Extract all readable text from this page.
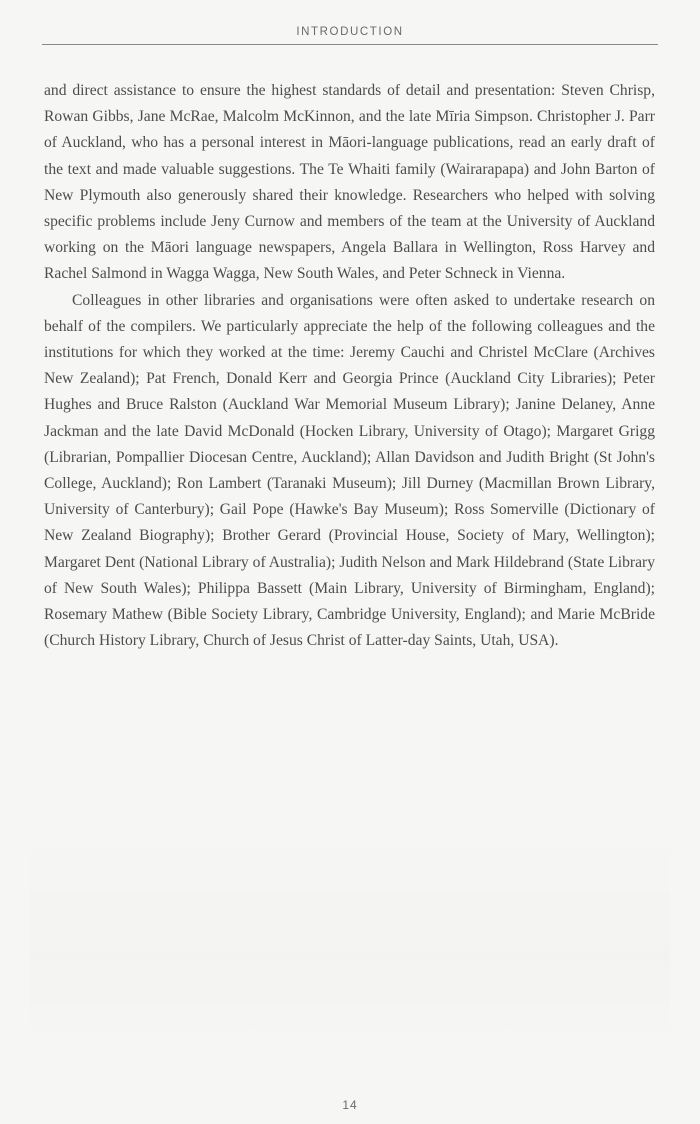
INTRODUCTION

and direct assistance to ensure the highest standards of detail and presentation: Steven Chrisp, Rowan Gibbs, Jane McRae, Malcolm McKinnon, and the late Mīria Simpson. Christopher J. Parr of Auckland, who has a personal interest in Māori-language publications, read an early draft of the text and made valuable suggestions. The Te Whaiti family (Wairarapapa) and John Barton of New Plymouth also generously shared their knowledge. Researchers who helped with solving specific problems include Jeny Curnow and members of the team at the University of Auckland working on the Māori language newspapers, Angela Ballara in Wellington, Ross Harvey and Rachel Salmond in Wagga Wagga, New South Wales, and Peter Schneck in Vienna.

Colleagues in other libraries and organisations were often asked to undertake research on behalf of the compilers. We particularly appreciate the help of the following colleagues and the institutions for which they worked at the time: Jeremy Cauchi and Christel McClare (Archives New Zealand); Pat French, Donald Kerr and Georgia Prince (Auckland City Libraries); Peter Hughes and Bruce Ralston (Auckland War Memorial Museum Library); Janine Delaney, Anne Jackman and the late David McDonald (Hocken Library, University of Otago); Margaret Grigg (Librarian, Pompallier Diocesan Centre, Auckland); Allan Davidson and Judith Bright (St John's College, Auckland); Ron Lambert (Taranaki Museum); Jill Durney (Macmillan Brown Library, University of Canterbury); Gail Pope (Hawke's Bay Museum); Ross Somerville (Dictionary of New Zealand Biography); Brother Gerard (Provincial House, Society of Mary, Wellington); Margaret Dent (National Library of Australia); Judith Nelson and Mark Hildebrand (State Library of New South Wales); Philippa Bassett (Main Library, University of Birmingham, England); Rosemary Mathew (Bible Society Library, Cambridge University, England); and Marie McBride (Church History Library, Church of Jesus Christ of Latter-day Saints, Utah, USA).

14
